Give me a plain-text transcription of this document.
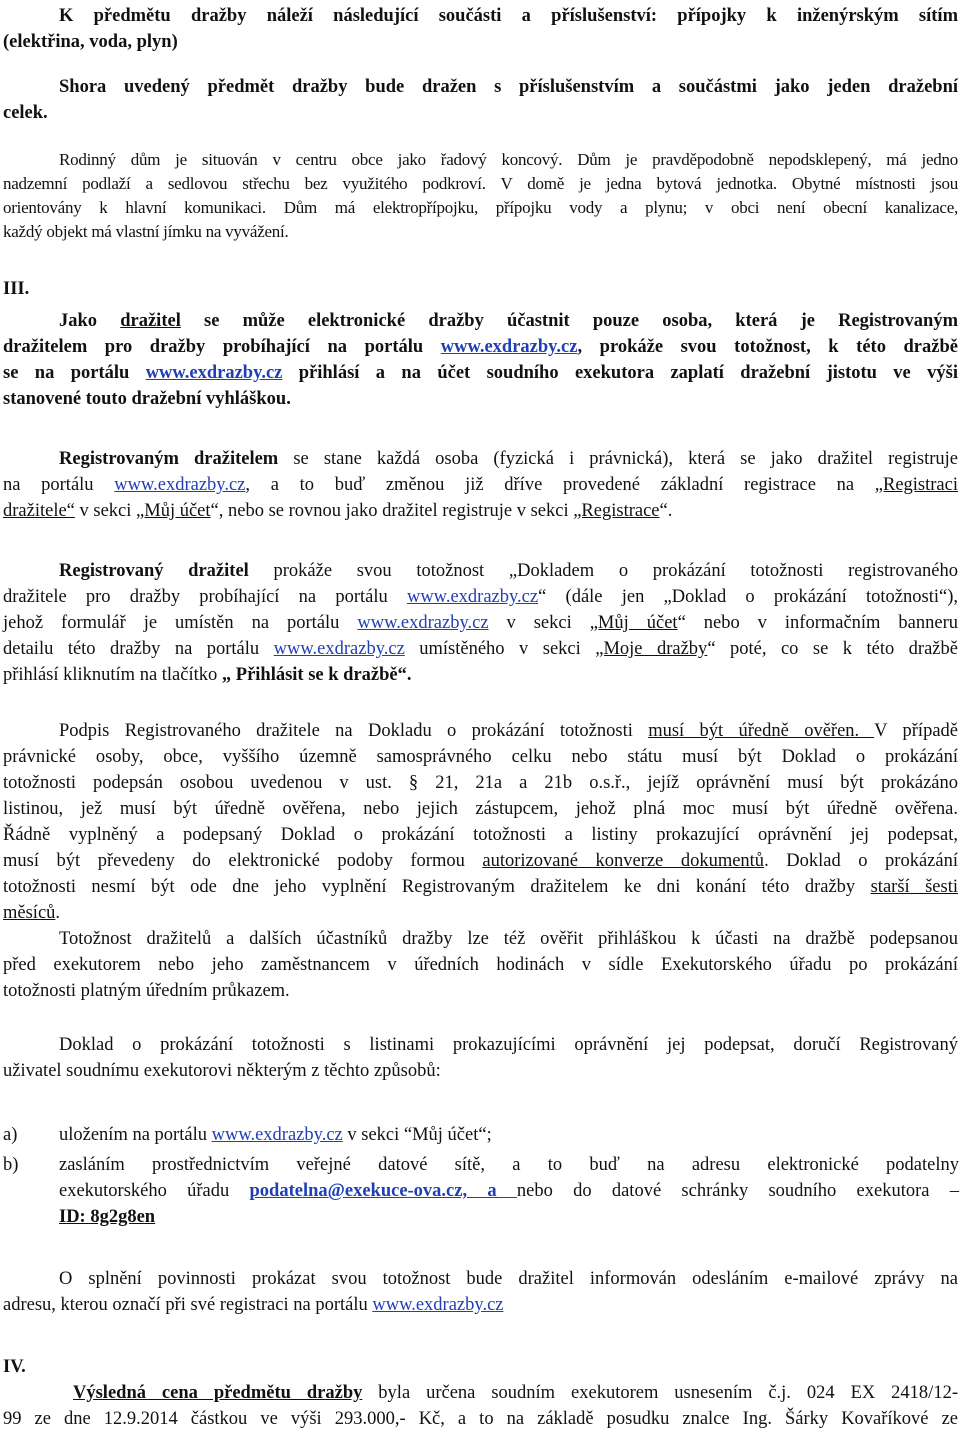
K předmětu dražby náleží následující součásti a příslušenství: přípojky k inženýrským sítím
(elektřina, voda, plyn)
Shora uvedený předmět dražby bude dražen s příslušenstvím a součástmi jako jeden dražební
celek.
Rodinný dům je situován v centru obce jako řadový koncový. Dům je pravděpodobně nepodsklepený, má jedno
nadzemní podlaží a sedlovou střechu bez využitého podkroví. V domě je jedna bytová jednotka. Obytné místnosti jsou
orientovány k hlavní komunikaci. Dům má elektropřípojku, přípojku vody a plynu; v obci není obecní kanalizace,
každý objekt má vlastní jímku na vyvážení.
III.
Jako dražitel se může elektronické dražby účastnit pouze osoba, která je Registrovaným
dražitelem pro dražby probíhající na portálu www.exdrazby.cz, prokáže svou totožnost, k této dražbě
se na portálu www.exdrazby.cz přihlásí a na účet soudního exekutora zaplatí dražební jistotu ve výši
stanovené touto dražební vyhláškou.
Registrovaným dražitelem se stane každá osoba (fyzická i právnická), která se jako dražitel registruje
na portálu www.exdrazby.cz, a to buď změnou již dříve provedené základní registrace na „Registraci
dražitele“ v sekci „Můj účet“, nebo se rovnou jako dražitel registruje v sekci „Registrace“.
Registrovaný dražitel prokáže svou totožnost „Dokladem o prokázání totožnosti registrovaného
dražitele pro dražby probíhající na portálu www.exdrazby.cz“ (dále jen „Doklad o prokázání totožnosti“),
jehož formulář je umístěn na portálu www.exdrazby.cz v sekci „Můj účet“ nebo v informačním banneru
detailu této dražby na portálu www.exdrazby.cz umístěného v sekci „Moje dražby“ poté, co se k této dražbě
přihlásí kliknutím na tlačítko „ Přihlásit se k dražbě“.
Podpis Registrovaného dražitele na Dokladu o prokázání totožnosti musí být úředně ověřen. V případě
právnické osoby, obce, vyššího územně samosprávného celku nebo státu musí být Doklad o prokázání
totožnosti podepsán osobou uvedenou v ust. § 21, 21a a 21b o.s.ř., jejíž oprávnění musí být prokázáno
listinou, jež musí být úředně ověřena, nebo jejich zástupcem, jehož plná moc musí být úředně ověřena.
Řádně vyplněný a podepsaný Doklad o prokázání totožnosti a listiny prokazující oprávnění jej podepsat,
musí být převedeny do elektronické podoby formou autorizované konverze dokumentů. Doklad o prokázání
totožnosti nesmí být ode dne jeho vyplnění Registrovaným dražitelem ke dni konání této dražby starší šesti
měsíců.
Totožnost dražitelů a dalších účastníků dražby lze též ověřit přihláškou k účasti na dražbě podepsanou
před exekutorem nebo jeho zaměstnancem v úředních hodinách v sídle Exekutorského úřadu po prokázání
totožnosti platným úředním průkazem.
Doklad o prokázání totožnosti s listinami prokazujícími oprávnění jej podepsat, doručí Registrovaný
uživatel soudnímu exekutorovi některým z těchto způsobů:
a) uložením na portálu www.exdrazby.cz v sekci “Můj účet“;
b) zasláním prostřednictvím veřejné datové sítě, a to buď na adresu elektronické podatelny
exekutorského úřadu podatelna@exekuce-ova.cz, a nebo do datové schránky soudního exekutora –
ID: 8g2g8en
O splnění povinnosti prokázat svou totožnost bude dražitel informován odesláním e-mailové zprávy na
adresu, kterou označí při své registraci na portálu www.exdrazby.cz
IV.
Výsledná cena předmětu dražby byla určena soudním exekutorem usnesením č.j. 024 EX 2418/12-
99 ze dne 12.9.2014 částkou ve výši 293.000,- Kč, a to na základě posudku znalce Ing. Šárky Kovaříkové ze
